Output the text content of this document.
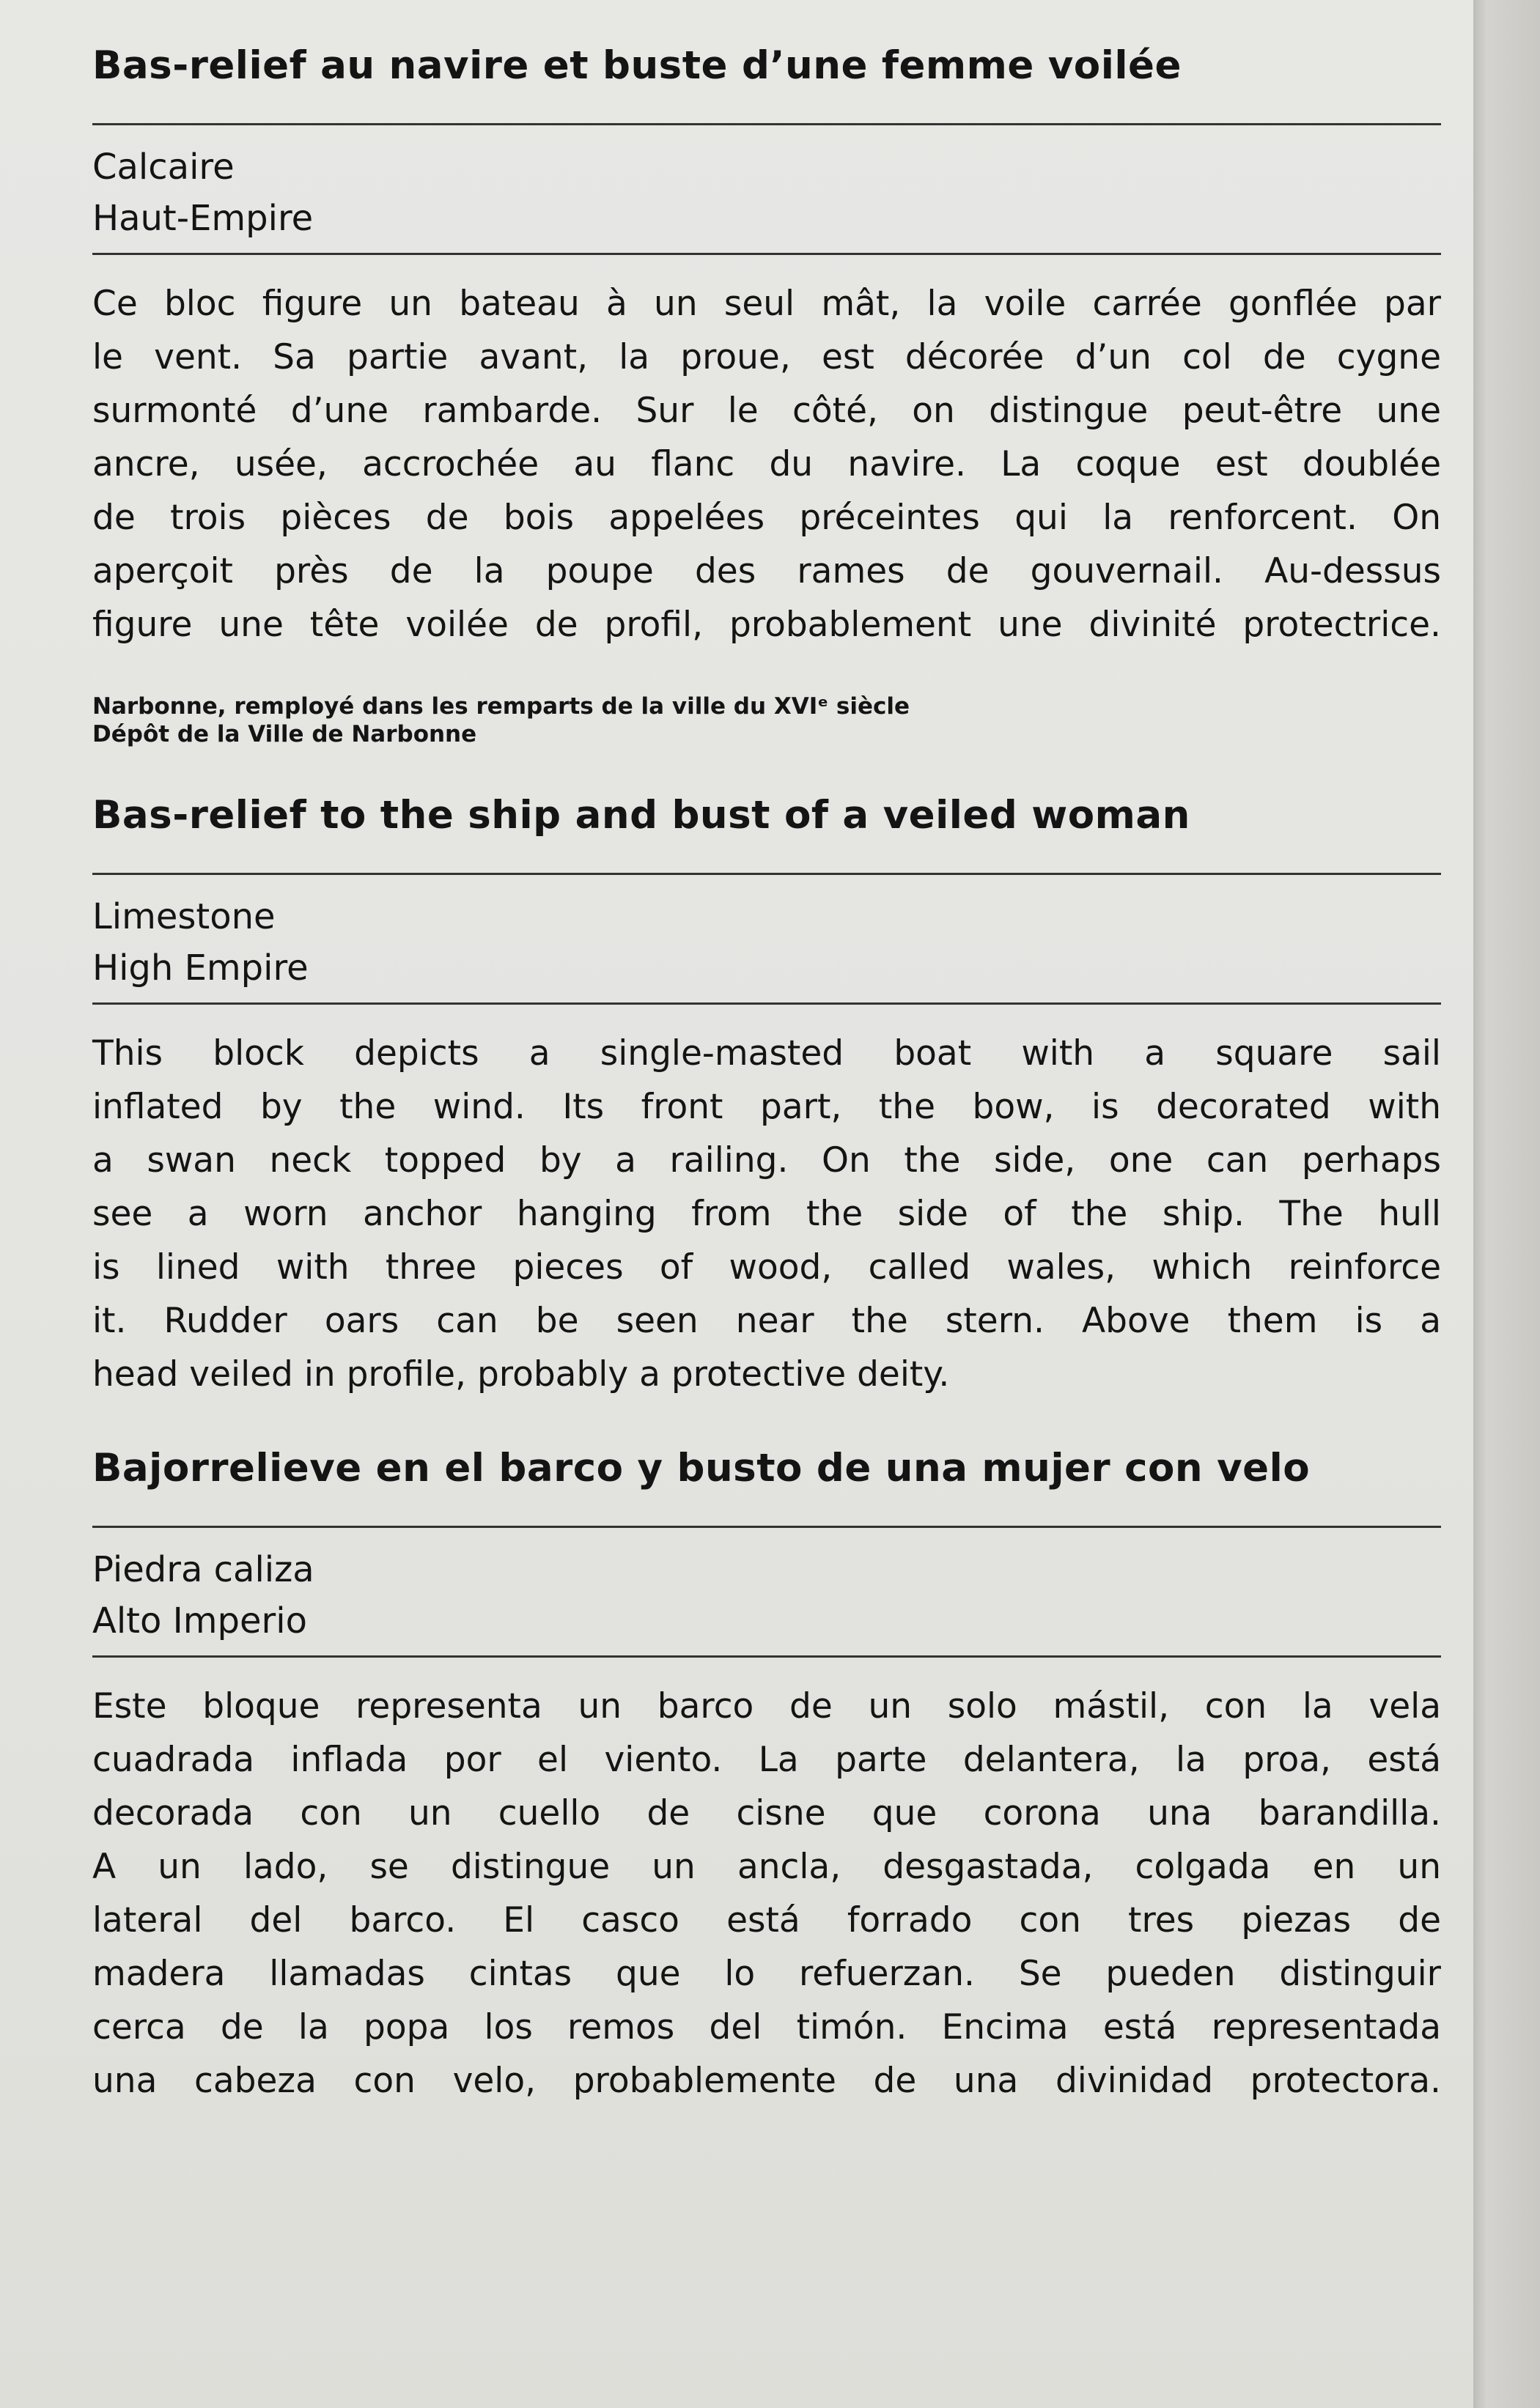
Bas-relief au navire et buste d’une femme voilée

Calcaire
Haut-Empire

Ce bloc figure un bateau à un seul mât, la voile carrée gonflée par
le vent. Sa partie avant, la proue, est décorée d’un col de cygne
surmonté d’une rambarde. Sur le côté, on distingue peut-être une
ancre, usée, accrochée au flanc du navire. La coque est doublée
de trois pièces de bois appelées préceintes qui la renforcent. On
aperçoit près de la poupe des rames de gouvernail. Au-dessus
figure une tête voilée de profil, probablement une divinité protectrice.

Narbonne, remployé dans les remparts de la ville du XVIᵉ siècle
Dépôt de la Ville de Narbonne

Bas-relief to the ship and bust of a veiled woman

Limestone
High Empire

This block depicts a single-masted boat with a square sail
inflated by the wind. Its front part, the bow, is decorated with
a swan neck topped by a railing. On the side, one can perhaps
see a worn anchor hanging from the side of the ship. The hull
is lined with three pieces of wood, called wales, which reinforce
it. Rudder oars can be seen near the stern. Above them is a
head veiled in profile, probably a protective deity.
Bajorrelieve en el barco y busto de una mujer con velo

Piedra caliza
Alto Imperio

Este bloque representa un barco de un solo mástil, con la vela
cuadrada inflada por el viento. La parte delantera, la proa, está
decorada con un cuello de cisne que corona una barandilla.
A un lado, se distingue un ancla, desgastada, colgada en un
lateral del barco. El casco está forrado con tres piezas de
madera llamadas cintas que lo refuerzan. Se pueden distinguir
cerca de la popa los remos del timón. Encima está representada
una cabeza con velo, probablemente de una divinidad protectora.
